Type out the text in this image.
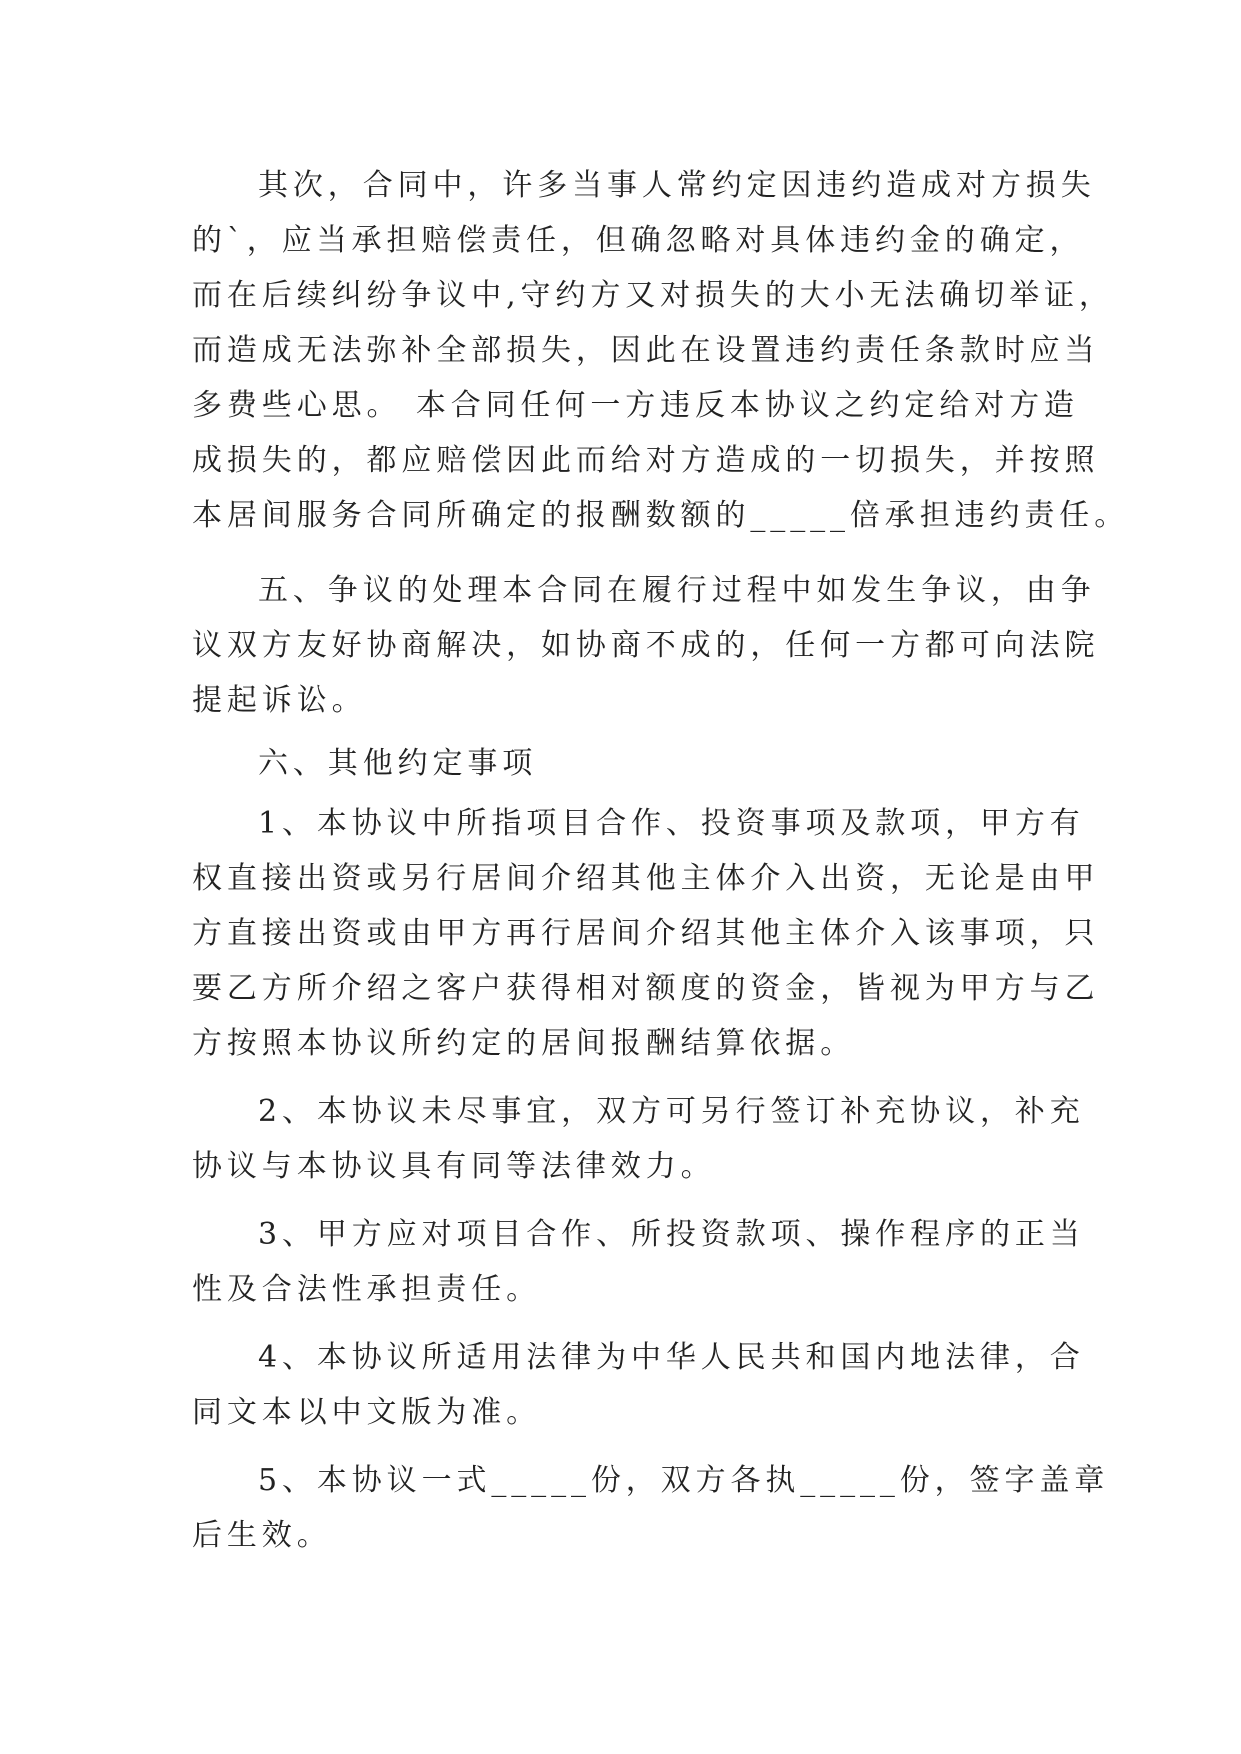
其次，合同中，许多当事人常约定因违约造成对方损失
的`，应当承担赔偿责任，但确忽略对具体违约金的确定，
而在后续纠纷争议中,守约方又对损失的大小无法确切举证，
而造成无法弥补全部损失，因此在设置违约责任条款时应当
多费些心思。 本合同任何一方违反本协议之约定给对方造
成损失的，都应赔偿因此而给对方造成的一切损失，并按照
本居间服务合同所确定的报酬数额的_____倍承担违约责任。
五、争议的处理本合同在履行过程中如发生争议，由争
议双方友好协商解决，如协商不成的，任何一方都可向法院
提起诉讼。
六、其他约定事项
1、本协议中所指项目合作、投资事项及款项，甲方有
权直接出资或另行居间介绍其他主体介入出资，无论是由甲
方直接出资或由甲方再行居间介绍其他主体介入该事项，只
要乙方所介绍之客户获得相对额度的资金，皆视为甲方与乙
方按照本协议所约定的居间报酬结算依据。
2、本协议未尽事宜，双方可另行签订补充协议，补充
协议与本协议具有同等法律效力。
3、甲方应对项目合作、所投资款项、操作程序的正当
性及合法性承担责任。
4、本协议所适用法律为中华人民共和国内地法律，合
同文本以中文版为准。
5、本协议一式_____份，双方各执_____份，签字盖章
后生效。
